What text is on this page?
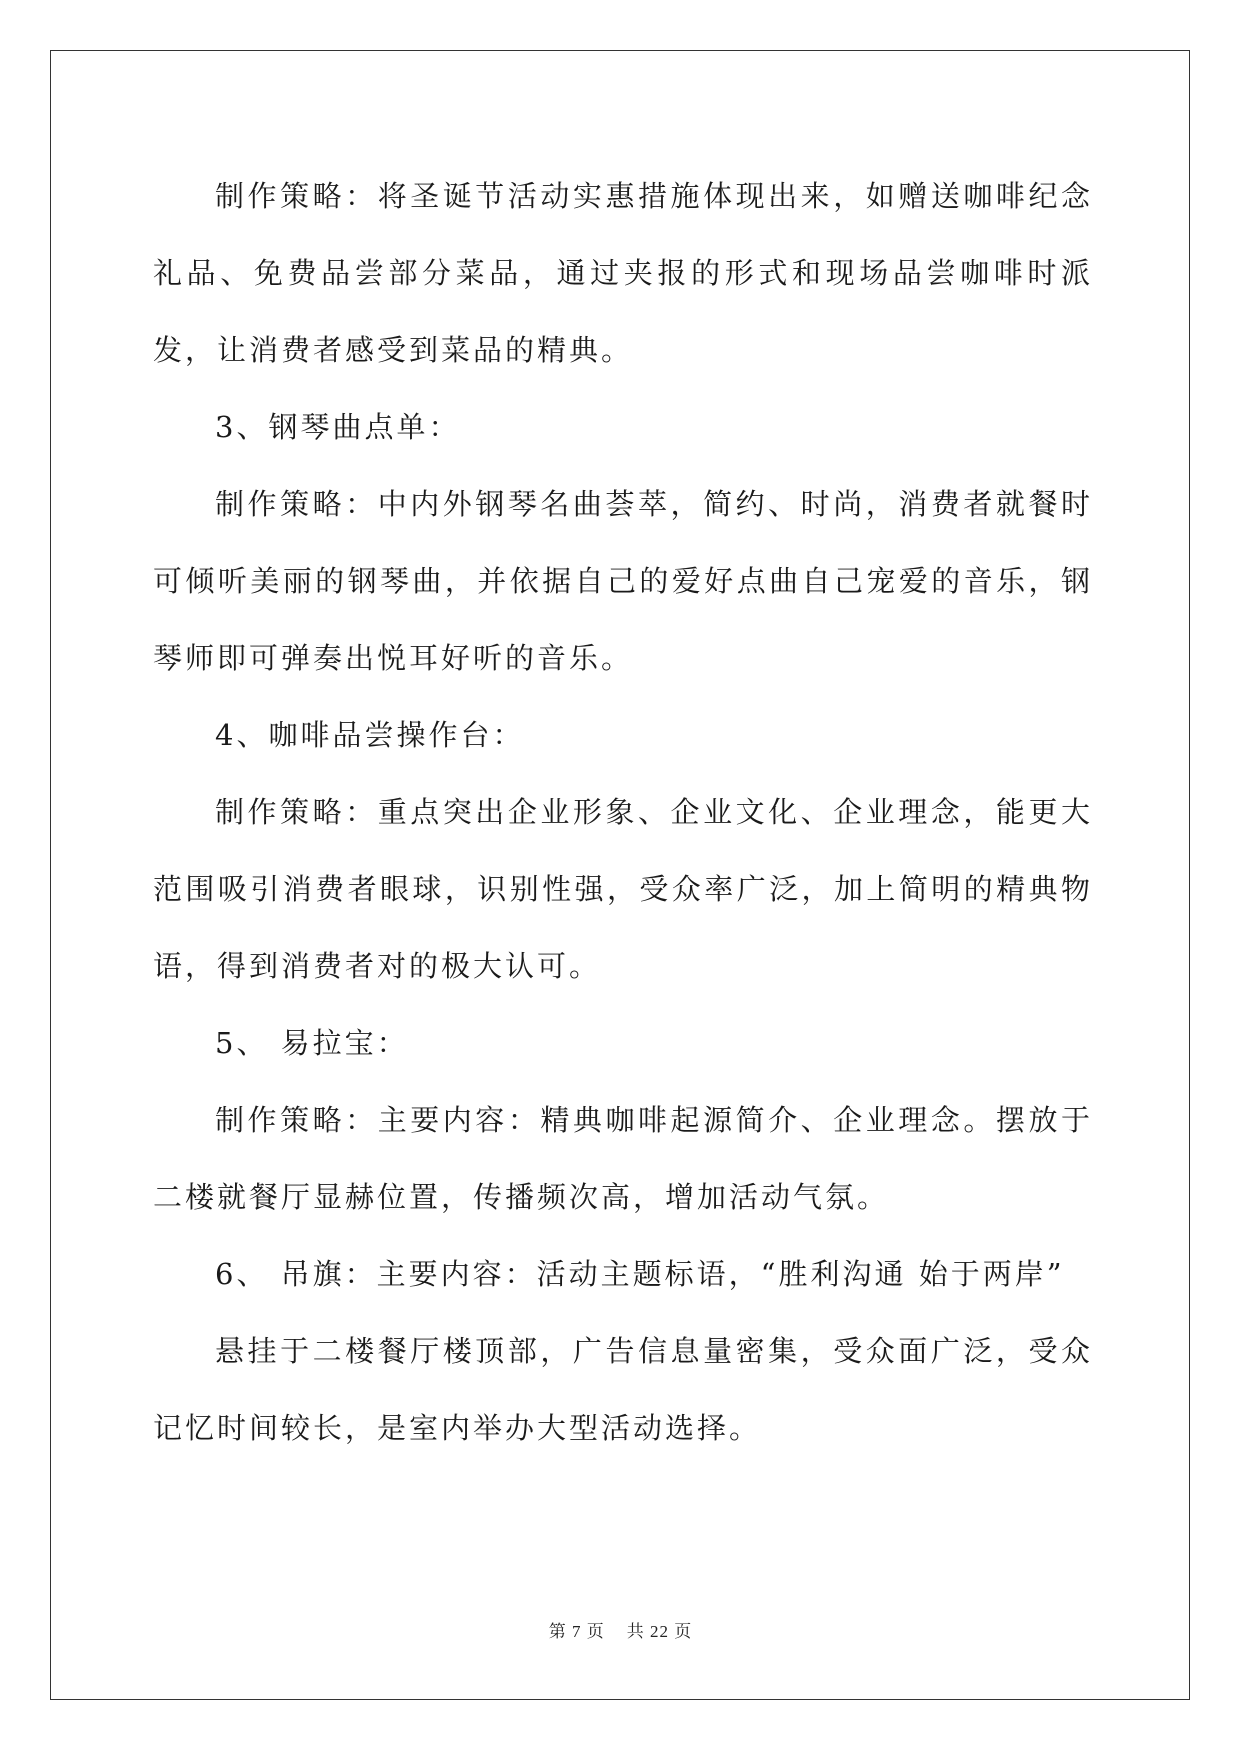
制作策略：将圣诞节活动实惠措施体现出来，如赠送咖啡纪念礼品、免费品尝部分菜品，通过夹报的形式和现场品尝咖啡时派发，让消费者感受到菜品的精典。

3、钢琴曲点单：

制作策略：中内外钢琴名曲荟萃，简约、时尚，消费者就餐时可倾听美丽的钢琴曲，并依据自己的爱好点曲自己宠爱的音乐，钢琴师即可弹奏出悦耳好听的音乐。

4、咖啡品尝操作台：

制作策略：重点突出企业形象、企业文化、企业理念，能更大范围吸引消费者眼球，识别性强，受众率广泛，加上简明的精典物语，得到消费者对的极大认可。

5、 易拉宝：

制作策略：主要内容：精典咖啡起源简介、企业理念。摆放于二楼就餐厅显赫位置，传播频次高，增加活动气氛。

6、 吊旗：主要内容：活动主题标语，“胜利沟通 始于两岸”

悬挂于二楼餐厅楼顶部，广告信息量密集，受众面广泛，受众记忆时间较长，是室内举办大型活动选择。

第 7 页 共 22 页
